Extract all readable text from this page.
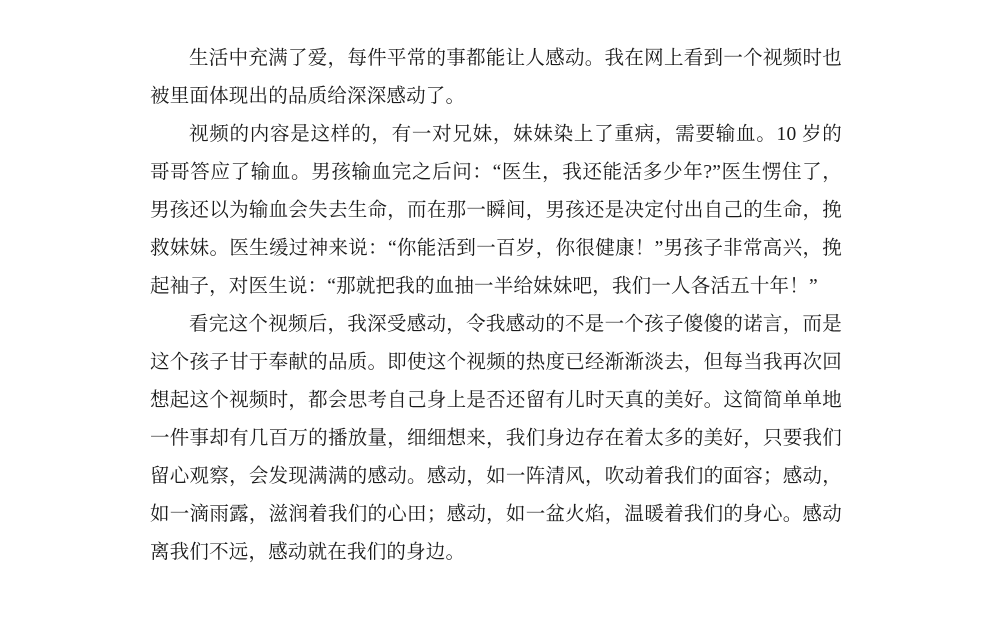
生活中充满了爱，每件平常的事都能让人感动。我在网上看到一个视频时也被里面体现出的品质给深深感动了。

视频的内容是这样的，有一对兄妹，妹妹染上了重病，需要输血。10 岁的哥哥答应了输血。男孩输血完之后问：“医生，我还能活多少年?”医生愣住了，男孩还以为输血会失去生命，而在那一瞬间，男孩还是决定付出自己的生命，挽救妹妹。医生缓过神来说：“你能活到一百岁，你很健康！”男孩子非常高兴，挽起袖子，对医生说：“那就把我的血抽一半给妹妹吧，我们一人各活五十年！”

看完这个视频后，我深受感动，令我感动的不是一个孩子傻傻的诺言，而是这个孩子甘于奉献的品质。即使这个视频的热度已经渐渐淡去，但每当我再次回想起这个视频时，都会思考自己身上是否还留有儿时天真的美好。这简简单单地一件事却有几百万的播放量，细细想来，我们身边存在着太多的美好，只要我们留心观察，会发现满满的感动。感动，如一阵清风，吹动着我们的面容；感动，如一滴雨露，滋润着我们的心田；感动，如一盆火焰，温暖着我们的身心。感动离我们不远，感动就在我们的身边。
